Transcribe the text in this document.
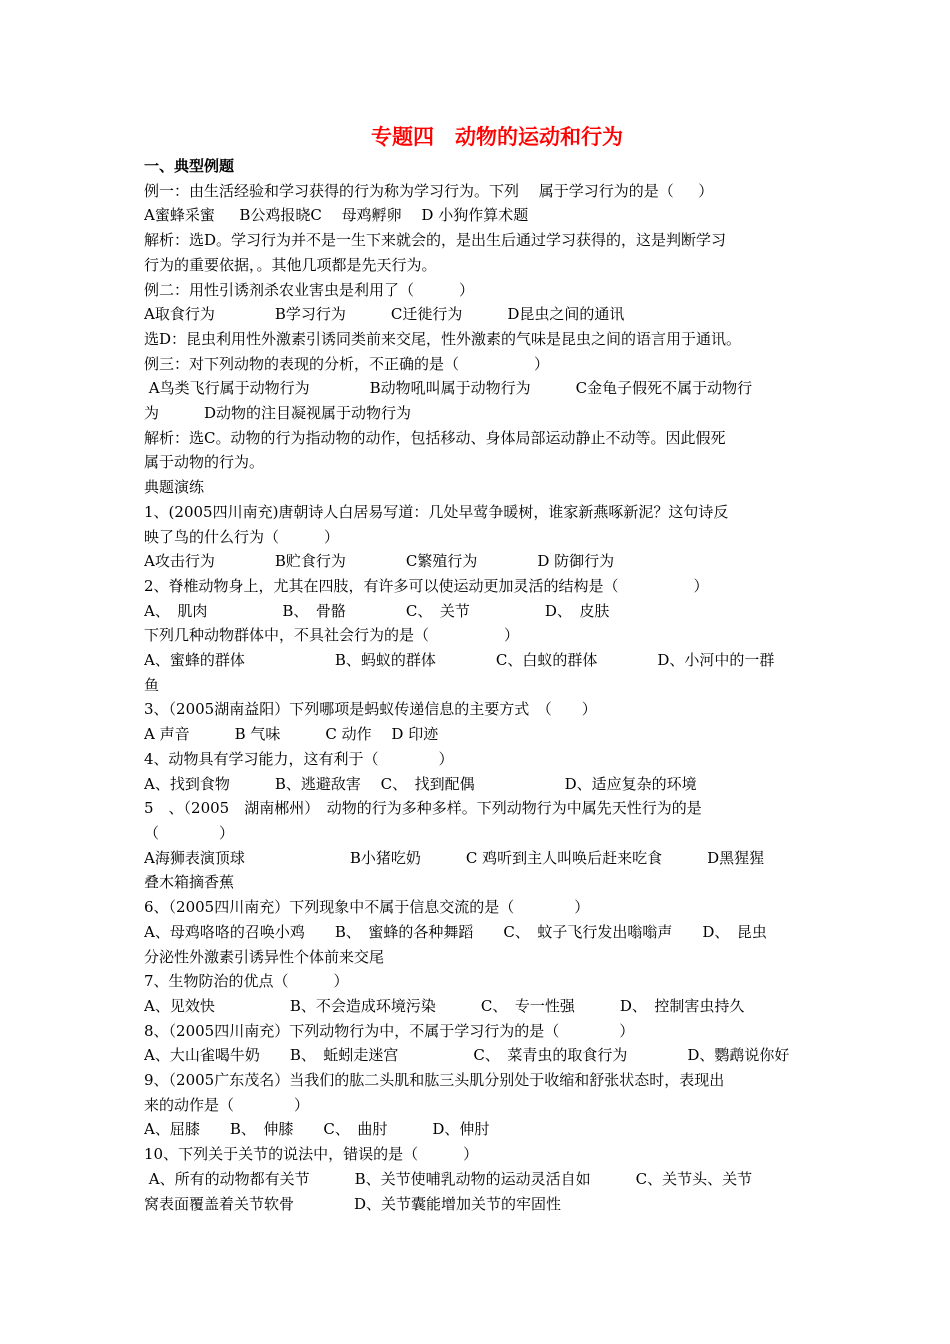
专题四　动物的运动和行为
一、典型例题
例一：由生活经验和学习获得的行为称为学习行为。下列　 属于学习行为的是（　  ）
A蜜蜂采蜜　  B公鸡报晓C　 母鸡孵卵　 D 小狗作算术题
解析：选D。学习行为并不是一生下来就会的，是出生后通过学习获得的，这是判断学习
行为的重要依据，。其他几项都是先天行为。
例二：用性引诱剂杀农业害虫是利用了（　　　）
A取食行为　　　　B学习行为　　　C迁徙行为　　　D昆虫之间的通讯
选D：昆虫利用性外激素引诱同类前来交尾，性外激素的气味是昆虫之间的语言用于通讯。
例三：对下列动物的表现的分析，不正确的是（　　　　　）
A鸟类飞行属于动物行为　　　　B动物吼叫属于动物行为　　　C金龟子假死不属于动物行
为　　　D动物的注目凝视属于动物行为
解析：选C。动物的行为指动物的动作，包括移动、身体局部运动静止不动等。因此假死
属于动物的行为。
典题演练
1、(2005四川南充)唐朝诗人白居易写道：几处早莺争暖树，谁家新燕啄新泥？这句诗反
映了鸟的什么行为（　　　）
A攻击行为　　　　B贮食行为　　　　C繁殖行为　　　　D 防御行为
2、脊椎动物身上，尤其在四肢，有许多可以使运动更加灵活的结构是（　　　　　）
A、　肌肉　　　　　B、　骨骼　　　　C、　关节　　　　　D、　皮肤
下列几种动物群体中，不具社会行为的是（　　　　　）
A、蜜蜂的群体　　　　　　B、蚂蚁的群体　　　　C、白蚁的群体　　　　D、小河中的一群
鱼
3、（2005湖南益阳）下列哪项是蚂蚁传递信息的主要方式　（　　）
A 声音　　　B 气味　　　C 动作　 D 印迹
4、动物具有学习能力，这有利于（　　　　）
A、找到食物　　　B、逃避敌害　 C、　找到配偶　　　　　　D、适应复杂的环境
5　、（2005　湖南郴州）　动物的行为多种多样。下列动物行为中属先天性行为的是
（　　　　）
A海狮表演顶球　　　　　　　B小猪吃奶　　　C 鸡听到主人叫唤后赶来吃食　　　D黑猩猩
叠木箱摘香蕉
6、（2005四川南充）下列现象中不属于信息交流的是（　　　　）
A、母鸡咯咯的召唤小鸡　　B、　蜜蜂的各种舞蹈　　C、　蚊子飞行发出嗡嗡声　　D、　昆虫
分泌性外激素引诱异性个体前来交尾
7、生物防治的优点（　　　）
A、见效快　　　　　B、不会造成环境污染　　　C、　专一性强　　　D、　控制害虫持久
8、（2005四川南充）下列动物行为中，不属于学习行为的是（　　　　）
A、大山雀喝牛奶　　B、　蚯蚓走迷宫　　　　　C、　菜青虫的取食行为　　　　D、鹦鹉说你好
9、（2005广东茂名）当我们的肱二头肌和肱三头肌分别处于收缩和舒张状态时，表现出
来的动作是（　　　　）
A、屈膝　　B、　伸膝　　C、　曲肘　　　D、伸肘
10、下列关于关节的说法中，错误的是（　　　）
A、所有的动物都有关节　　　B、关节使哺乳动物的运动灵活自如　　　C、关节头、关节
窝表面覆盖着关节软骨　　　　D、关节囊能增加关节的牢固性
